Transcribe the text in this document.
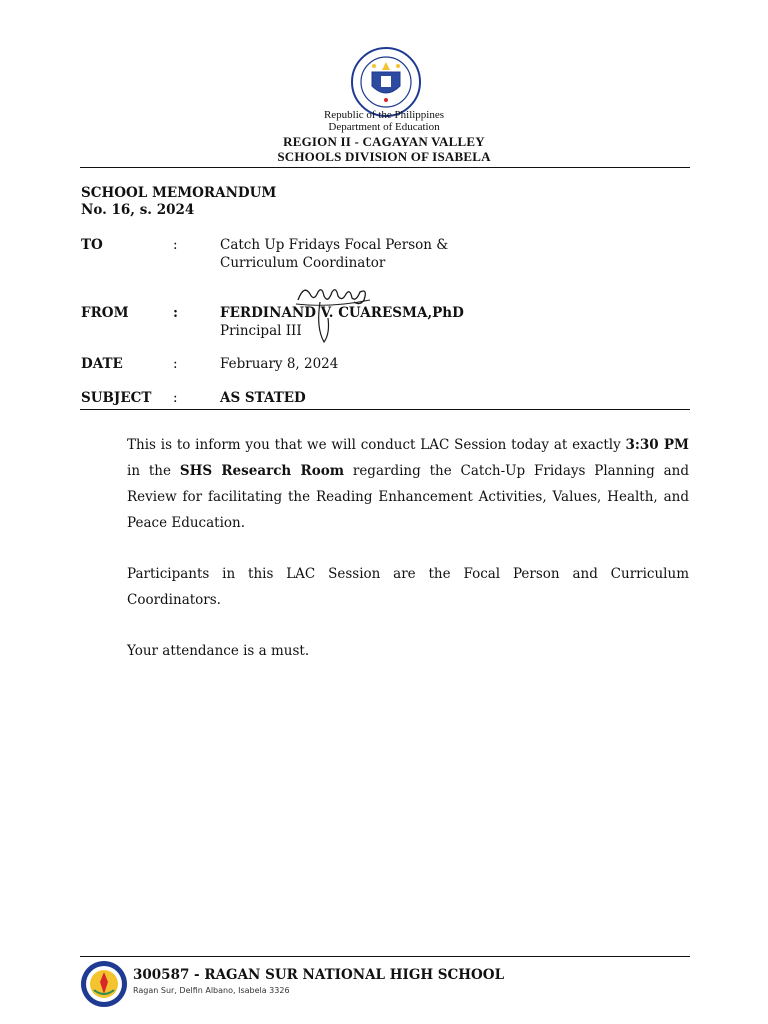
Republic of the Philippines
Department of Education
REGION II - CAGAYAN VALLEY
SCHOOLS DIVISION OF ISABELA
SCHOOL MEMORANDUM
No. 16, s. 2024
TO	:	Catch Up Fridays Focal Person &
Curriculum Coordinator
FROM	:	FERDINAND V. CUARESMA,PhD
Principal III
DATE	:	February 8, 2024
SUBJECT :	AS STATED
This is to inform you that we will conduct LAC Session today at exactly 3:30 PM in the SHS Research Room regarding the Catch-Up Fridays Planning and Review for facilitating the Reading Enhancement Activities, Values, Health, and Peace Education.
Participants in this LAC Session are the Focal Person and Curriculum Coordinators.
Your attendance is a must.
300587 - RAGAN SUR NATIONAL HIGH SCHOOL
Ragan Sur, Delfin Albano, Isabela 3326
